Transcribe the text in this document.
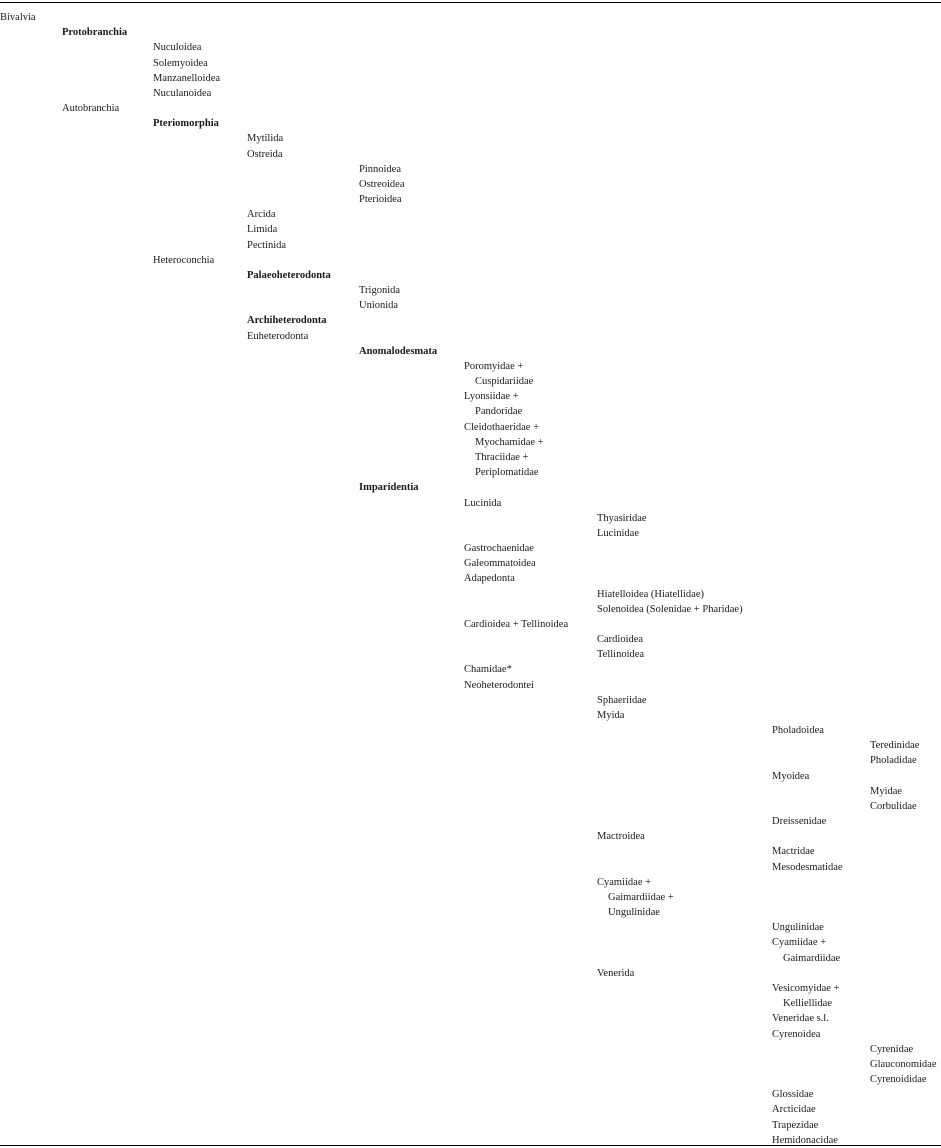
Bivalvia
Protobranchia
Nuculoidea
Solemyoidea
Manzanelloidea
Nuculanoidea
Autobranchia
Pteriomorphia
Mytilida
Ostreida
Pinnoidea
Ostreoidea
Pterioidea
Arcida
Limida
Pectinida
Heteroconchia
Palaeoheterodonta
Trigonida
Unionida
Archiheterodonta
Euheterodonta
Anomalodesmata
Poromyidae +
Cuspidariidae
Lyonsiidae +
Pandoridae
Cleidothaeridae +
Myochamidae +
Thraciidae +
Periplomatidae
Imparidentia
Lucinida
Thyasiridae
Lucinidae
Gastrochaenidae
Galeommatoidea
Adapedonta
Hiatelloidea (Hiatellidae)
Solenoidea (Solenidae + Pharidae)
Cardioidea + Tellinoidea
Cardioidea
Tellinoidea
Chamidae*
Neoheterodontei
Sphaeriidae
Myida
Pholadoidea
Teredinidae
Pholadidae
Myoidea
Myidae
Corbulidae
Dreissenidae
Mactroidea
Mactridae
Mesodesmatidae
Cyamiidae +
Gaimardiidae +
Ungulinidae
Ungulinidae
Cyamiidae +
Gaimardiidae
Venerida
Vesicomyidae +
Kelliellidae
Veneridae s.l.
Cyrenoidea
Cyrenidae
Glauconomidae
Cyrenoididae
Glossidae
Arcticidae
Trapezidae
Hemidonacidae
